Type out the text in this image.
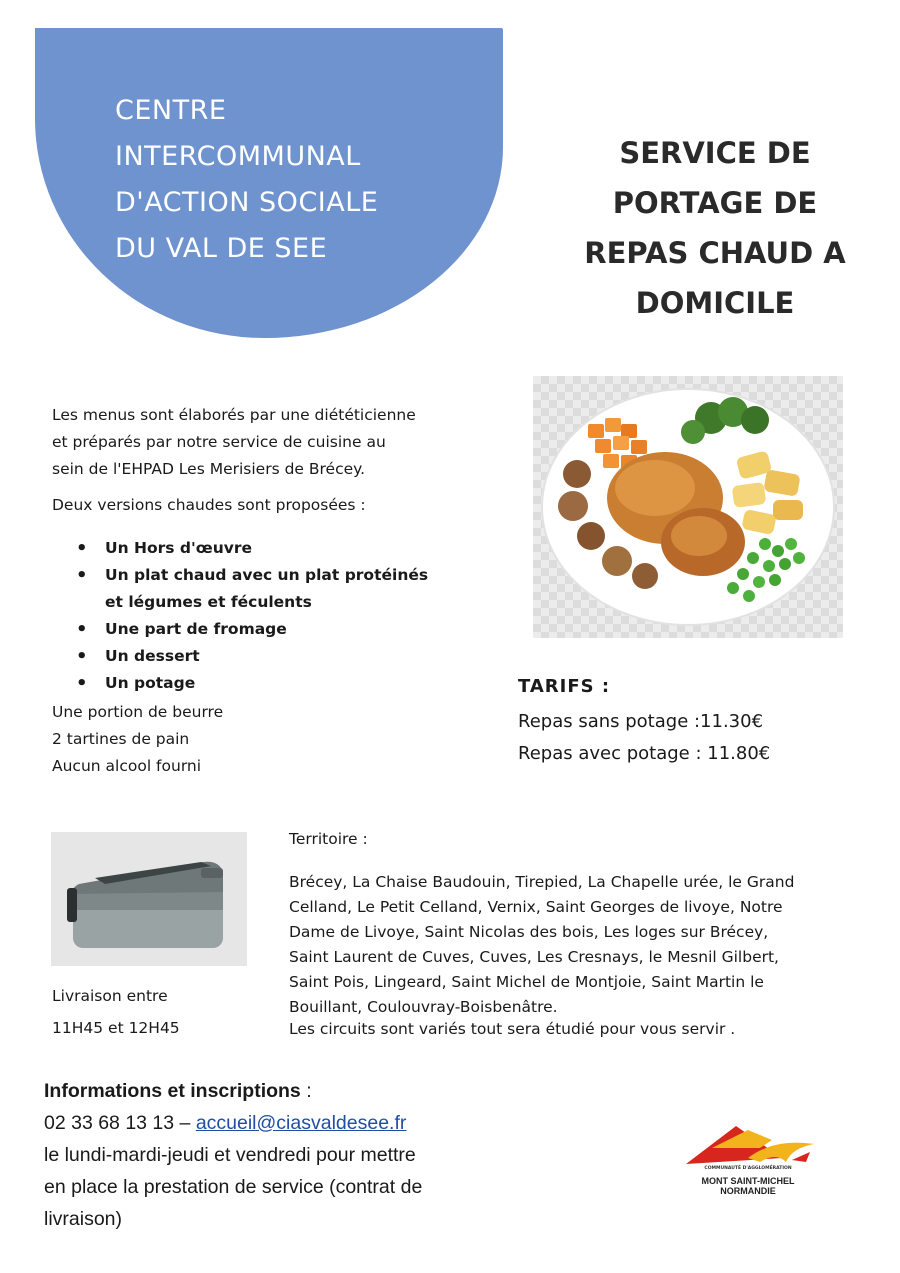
CENTRE
INTERCOMMUNAL
D'ACTION SOCIALE
DU VAL DE SEE
SERVICE DE
PORTAGE DE
REPAS CHAUD A
DOMICILE

Les menus sont élaborés par une diététicienne

et préparés par notre service de cuisine au

sein de l'EHPAD Les Merisiers de Brécey.

Deux versions chaudes sont proposées :
• Un Hors d'œuvre
• Un plat chaud avec un plat protéinés
et légumes et féculents
• Une part de fromage
• Un dessert
• Un potage
Une portion de beurre
2 tartines de pain
Aucun alcool fourni
TARIFS :
Repas sans potage :11.30€
Repas avec potage : 11.80€
Livraison entre
11H45 et 12H45
Territoire :
Brécey, La Chaise Baudouin, Tirepied, La Chapelle urée, le Grand
Celland, Le Petit Celland, Vernix, Saint Georges de livoye, Notre
Dame de Livoye, Saint Nicolas des bois, Les loges sur Brécey,
Saint Laurent de Cuves, Cuves, Les Cresnays, le Mesnil Gilbert,
Saint Pois, Lingeard, Saint Michel de Montjoie, Saint Martin le
Bouillant, Coulouvray-Boisbenâtre.
Les circuits sont variés tout sera étudié pour vous servir .
Informations et inscriptions :
02 33 68 13 13 – accueil@ciasvaldesee.fr
le lundi-mardi-jeudi et vendredi pour mettre
en place la prestation de service (contrat de
livraison)
COMMUNAUTÉ D'AGGLOMÉRATION
MONT SAINT-MICHEL
NORMANDIE
